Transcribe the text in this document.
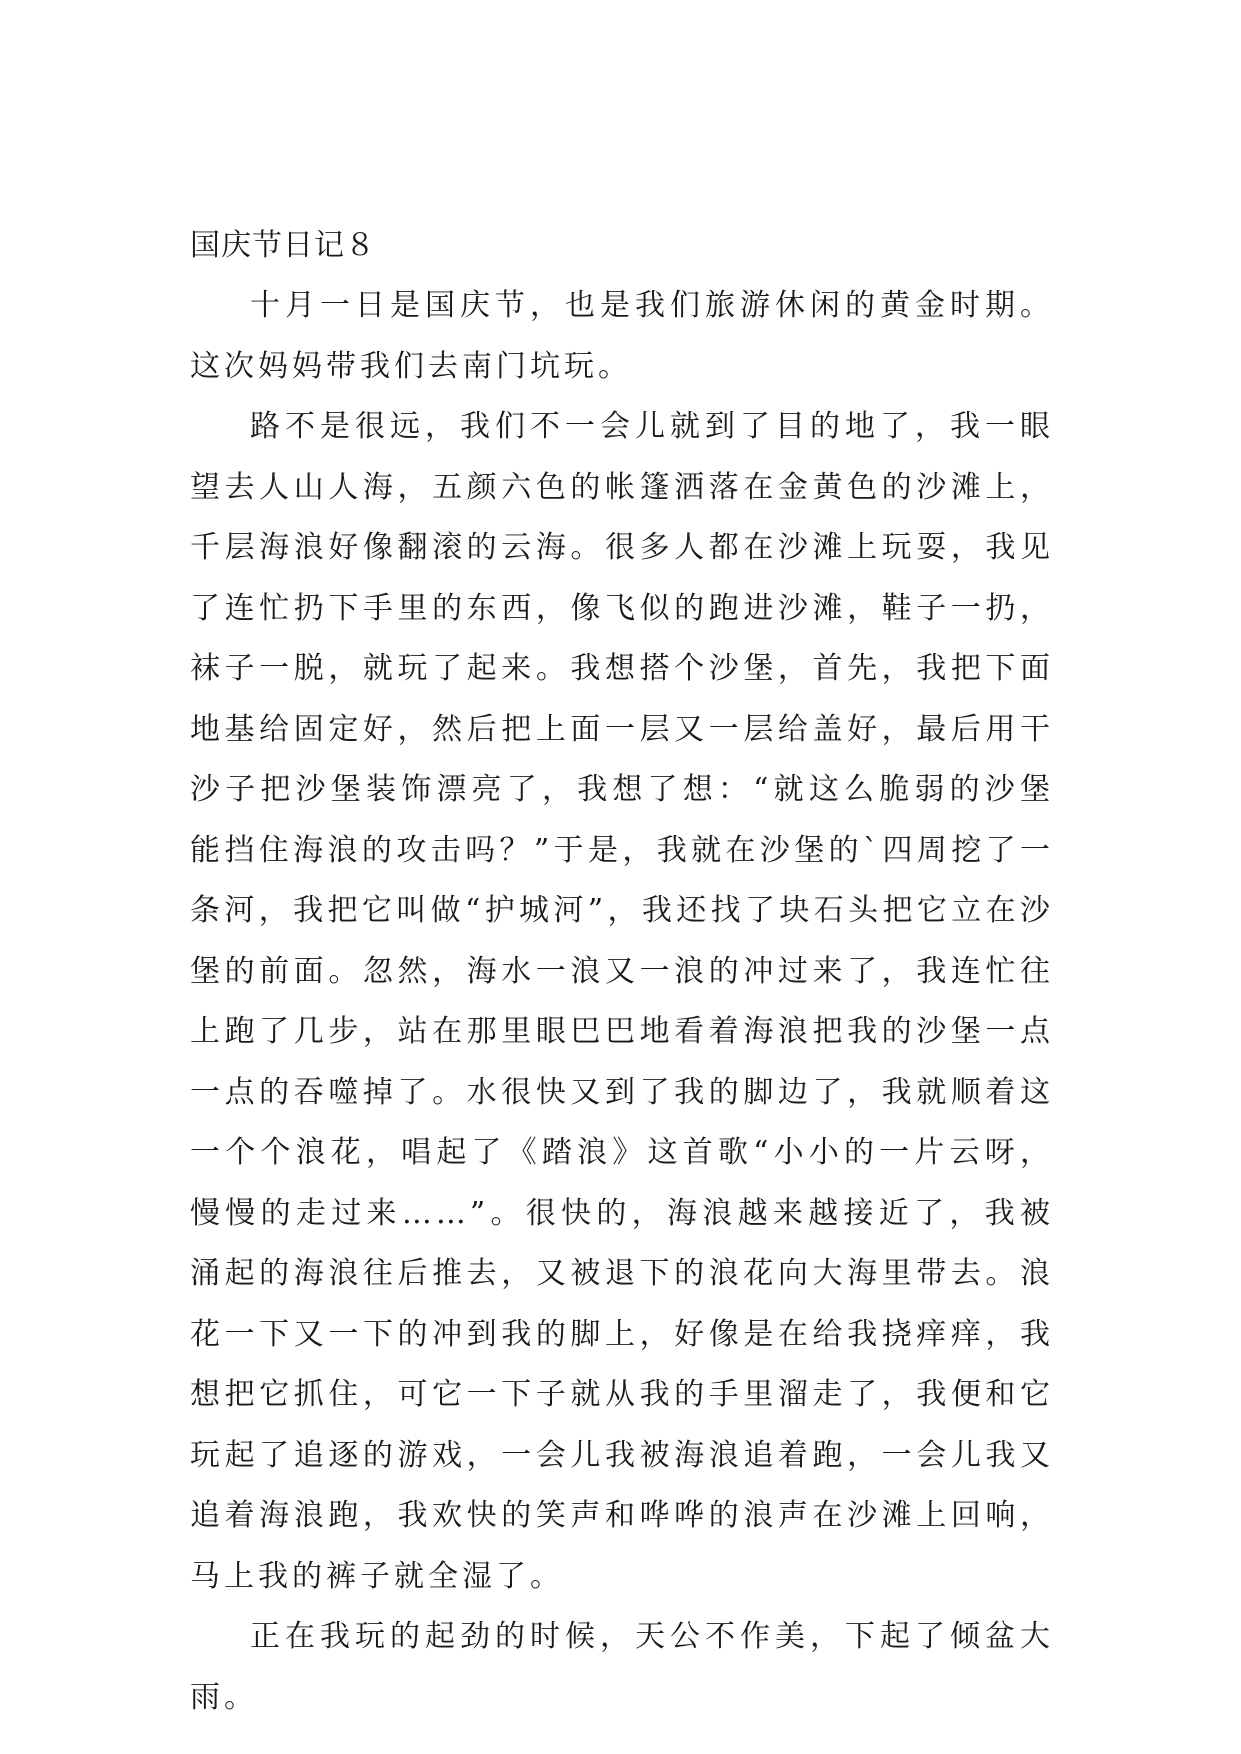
国庆节日记８

十月一日是国庆节，也是我们旅游休闲的黄金时期。这次妈妈带我们去南门坑玩。

路不是很远，我们不一会儿就到了目的地了，我一眼望去人山人海，五颜六色的帐篷洒落在金黄色的沙滩上，千层海浪好像翻滚的云海。很多人都在沙滩上玩耍，我见了连忙扔下手里的东西，像飞似的跑进沙滩，鞋子一扔，袜子一脱，就玩了起来。我想搭个沙堡，首先，我把下面地基给固定好，然后把上面一层又一层给盖好，最后用干沙子把沙堡装饰漂亮了，我想了想：“就这么脆弱的沙堡能挡住海浪的攻击吗？”于是，我就在沙堡的`四周挖了一条河，我把它叫做“护城河”，我还找了块石头把它立在沙堡的前面。忽然，海水一浪又一浪的冲过来了，我连忙往上跑了几步，站在那里眼巴巴地看着海浪把我的沙堡一点一点的吞噬掉了。水很快又到了我的脚边了，我就顺着这一个个浪花，唱起了《踏浪》这首歌“小小的一片云呀，慢慢的走过来……”。很快的，海浪越来越接近了，我被涌起的海浪往后推去，又被退下的浪花向大海里带去。浪花一下又一下的冲到我的脚上，好像是在给我挠痒痒，我想把它抓住，可它一下子就从我的手里溜走了，我便和它玩起了追逐的游戏，一会儿我被海浪追着跑，一会儿我又追着海浪跑，我欢快的笑声和哗哗的浪声在沙滩上回响，马上我的裤子就全湿了。

正在我玩的起劲的时候，天公不作美，下起了倾盆大雨。
